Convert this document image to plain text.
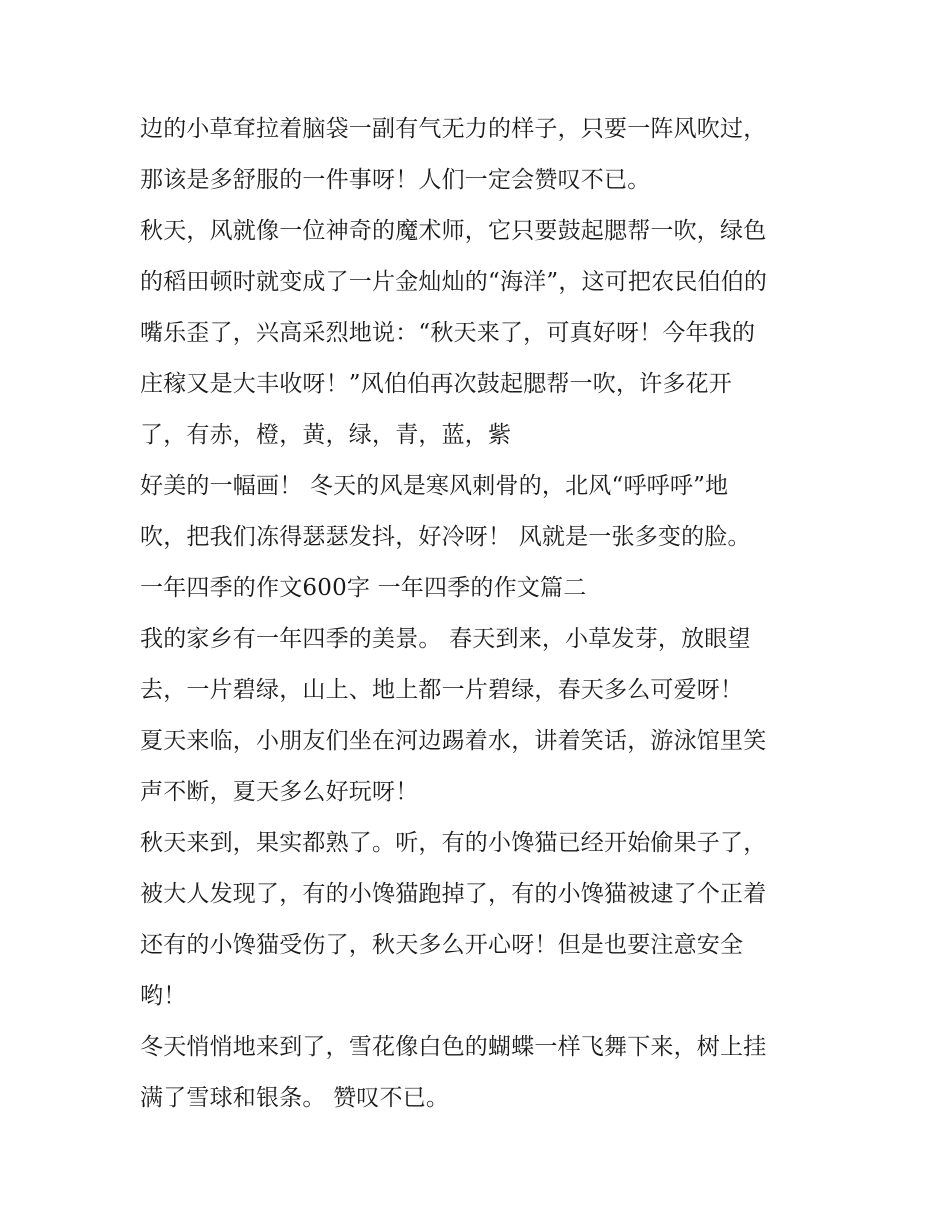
边的小草耷拉着脑袋一副有气无力的样子，只要一阵风吹过，
那该是多舒服的一件事呀！人们一定会赞叹不已。
秋天，风就像一位神奇的魔术师，它只要鼓起腮帮一吹，绿色
的稻田顿时就变成了一片金灿灿的“海洋”，这可把农民伯伯的
嘴乐歪了，兴高采烈地说：“秋天来了，可真好呀！今年我的
庄稼又是大丰收呀！”风伯伯再次鼓起腮帮一吹，许多花开
了，有赤，橙，黄，绿，青，蓝，紫
好美的一幅画！ 冬天的风是寒风刺骨的，北风“呼呼呼”地
吹，把我们冻得瑟瑟发抖，好冷呀！ 风就是一张多变的脸。
一年四季的作文600字 一年四季的作文篇二
我的家乡有一年四季的美景。 春天到来，小草发芽，放眼望
去，一片碧绿，山上、地上都一片碧绿，春天多么可爱呀！
夏天来临，小朋友们坐在河边踢着水，讲着笑话，游泳馆里笑
声不断，夏天多么好玩呀！
秋天来到，果实都熟了。听，有的小馋猫已经开始偷果子了，
被大人发现了，有的小馋猫跑掉了，有的小馋猫被逮了个正着
还有的小馋猫受伤了，秋天多么开心呀！但是也要注意安全
哟！
冬天悄悄地来到了，雪花像白色的蝴蝶一样飞舞下来，树上挂
满了雪球和银条。 赞叹不已。
